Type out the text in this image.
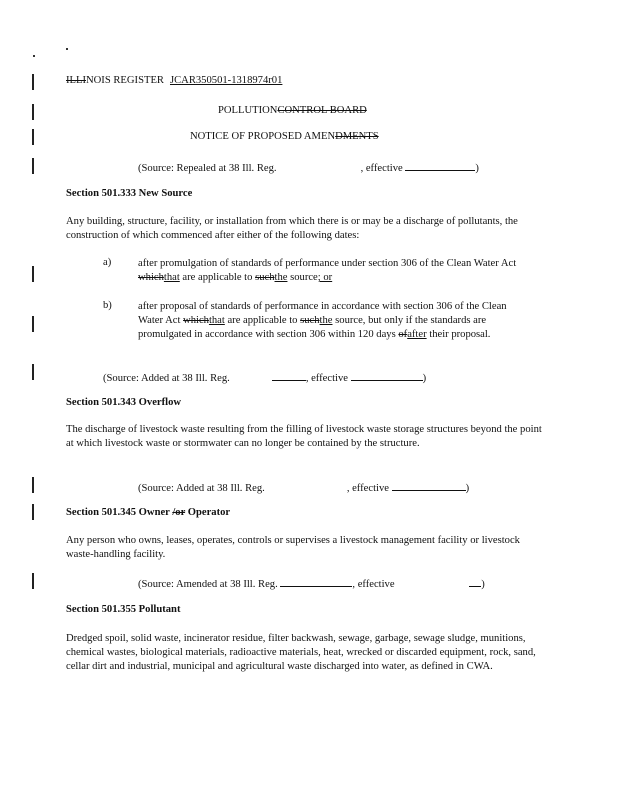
ILLINOIS REGISTER JCAR350501-1318974r01
POLLUTIONCONTROL BOARD
NOTICE OF PROPOSED AMENDMENTS
(Source: Repealed at 38 Ill. Reg.	, effective	)
Section 501.333 New Source
Any building, structure, facility, or installation from which there is or may be a discharge of pollutants, the construction of which commenced after either of the following dates:
a)	after promulgation of standards of performance under section 306 of the Clean Water Act whichthat are applicable to suchthe source; or
b) after proposal of standards of performance in accordance with section 306 of the Clean Water Act whichthat are applicable to suchthe source, but only if the standards are promulgated in accordance with section 306 within 120 days ofafter their proposal.
(Source: Added at 38 Ill. Reg.	, effective	)
Section 501.343 Overflow
The discharge of livestock waste resulting from the filling of livestock waste storage structures beyond the point at which livestock waste or stormwater can no longer be contained by the structure.
(Source: Added at 38 Ill. Reg.	, effective	)
Section 501.345 Owner /or Operator
Any person who owns, leases, operates, controls or supervises a livestock management facility or livestock waste-handling facility.
(Source: Amended at 38 Ill. Reg.	, effective	)
Section 501.355 Pollutant
Dredged spoil, solid waste, incinerator residue, filter backwash, sewage, garbage, sewage sludge, munitions, chemical wastes, biological materials, radioactive materials, heat, wrecked or discarded equipment, rock, sand, cellar dirt and industrial, municipal and agricultural waste discharged into water, as defined in CWA.
